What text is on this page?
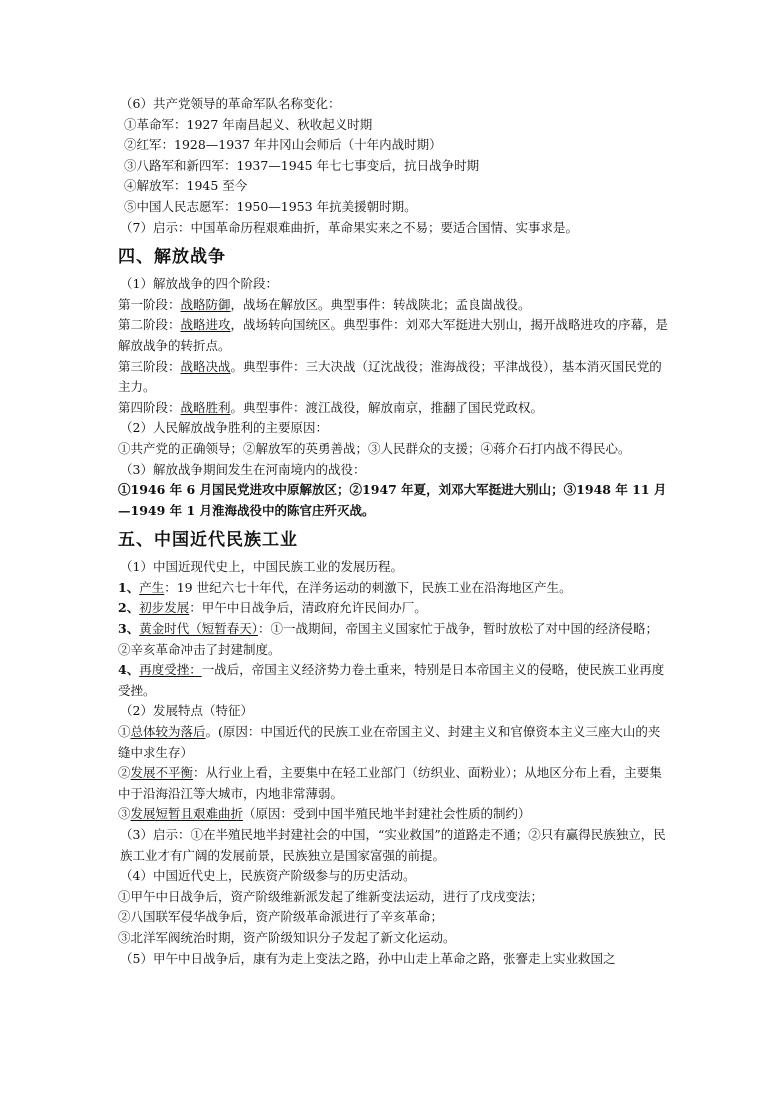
（6）共产党领导的革命军队名称变化：

①革命军：1927 年南昌起义、秋收起义时期

②红军：1928—1937 年井冈山会师后（十年内战时期）

③八路军和新四军：1937—1945 年七七事变后，抗日战争时期

④解放军：1945 至今

⑤中国人民志愿军：1950—1953 年抗美援朝时期。

（7）启示：中国革命历程艰难曲折，革命果实来之不易；要适合国情、实事求是。

四、解放战争

（1）解放战争的四个阶段：

第一阶段：战略防御，战场在解放区。典型事件：转战陕北；孟良崮战役。

第二阶段：战略进攻，战场转向国统区。典型事件：刘邓大军挺进大别山，揭开战略进攻的序幕，是解放战争的转折点。

第三阶段：战略决战。典型事件：三大决战（辽沈战役；淮海战役；平津战役），基本消灭国民党的主力。

第四阶段：战略胜利。典型事件：渡江战役，解放南京，推翻了国民党政权。

（2）人民解放战争胜利的主要原因：

①共产党的正确领导；②解放军的英勇善战；③人民群众的支援；④蒋介石打内战不得民心。

（3）解放战争期间发生在河南境内的战役：

①1946 年 6 月国民党进攻中原解放区；②1947 年夏，刘邓大军挺进大别山；③1948 年 11 月—1949 年 1 月淮海战役中的陈官庄歼灭战。

五、中国近代民族工业

（1）中国近现代史上，中国民族工业的发展历程。

1、产生：19 世纪六七十年代，在洋务运动的刺激下，民族工业在沿海地区产生。

2、初步发展：甲午中日战争后，清政府允许民间办厂。

3、黄金时代（短暂春天）：①一战期间，帝国主义国家忙于战争，暂时放松了对中国的经济侵略；②辛亥革命冲击了封建制度。

4、再度受挫：一战后，帝国主义经济势力卷土重来，特别是日本帝国主义的侵略，使民族工业再度受挫。

（2）发展特点（特征）

①总体较为落后。(原因：中国近代的民族工业在帝国主义、封建主义和官僚资本主义三座大山的夹缝中求生存）

②发展不平衡：从行业上看，主要集中在轻工业部门（纺织业、面粉业）；从地区分布上看，主要集中于沿海沿江等大城市，内地非常薄弱。

③发展短暂且艰难曲折（原因：受到中国半殖民地半封建社会性质的制约）

（3）启示：①在半殖民地半封建社会的中国，“实业救国”的道路走不通；②只有赢得民族独立，民族工业才有广阔的发展前景，民族独立是国家富强的前提。

（4）中国近代史上，民族资产阶级参与的历史活动。

①甲午中日战争后，资产阶级维新派发起了维新变法运动，进行了戊戌变法；

②八国联军侵华战争后，资产阶级革命派进行了辛亥革命；

③北洋军阀统治时期，资产阶级知识分子发起了新文化运动。

（5）甲午中日战争后，康有为走上变法之路，孙中山走上革命之路，张謇走上实业救国之
